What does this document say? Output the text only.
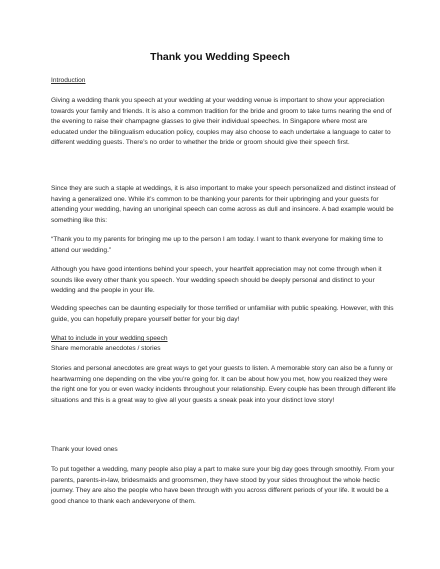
Thank you Wedding Speech

Introduction

Giving a wedding thank you speech at your wedding at your wedding venue is important to show your appreciation towards your family and friends. It is also a common tradition for the bride and groom to take turns nearing the end of the evening to raise their champagne glasses to give their individual speeches. In Singapore where most are educated under the bilingualism education policy, couples may also choose to each undertake a language to cater to different wedding guests. There’s no order to whether the bride or groom should give their speech first.

Since they are such a staple at weddings, it is also important to make your speech personalized and distinct instead of having a generalized one. While it’s common to be thanking your parents for their upbringing and your guests for attending your wedding, having an unoriginal speech can come across as dull and insincere. A bad example would be something like this:

“Thank you to my parents for bringing me up to the person I am today. I want to thank everyone for making time to attend our wedding.”

Although you have good intentions behind your speech, your heartfelt appreciation may not come through when it sounds like every other thank you speech. Your wedding speech should be deeply personal and distinct to your wedding and the people in your life.

Wedding speeches can be daunting especially for those terrified or unfamiliar with public speaking. However, with this guide, you can hopefully prepare yourself better for your big day!

What to include in your wedding speech

Share memorable anecdotes / stories

Stories and personal anecdotes are great ways to get your guests to listen. A memorable story can also be a funny or heartwarming one depending on the vibe you’re going for. It can be about how you met, how you realized they were the right one for you or even wacky incidents throughout your relationship. Every couple has been through different life situations and this is a great way to give all your guests a sneak peak into your distinct love story!

Thank your loved ones

To put together a wedding, many people also play a part to make sure your big day goes through smoothly. From your parents, parents-in-law, bridesmaids and groomsmen, they have stood by your sides throughout the whole hectic journey. They are also the people who have been through with you across different periods of your life. It would be a good chance to thank each andeveryone of them.
